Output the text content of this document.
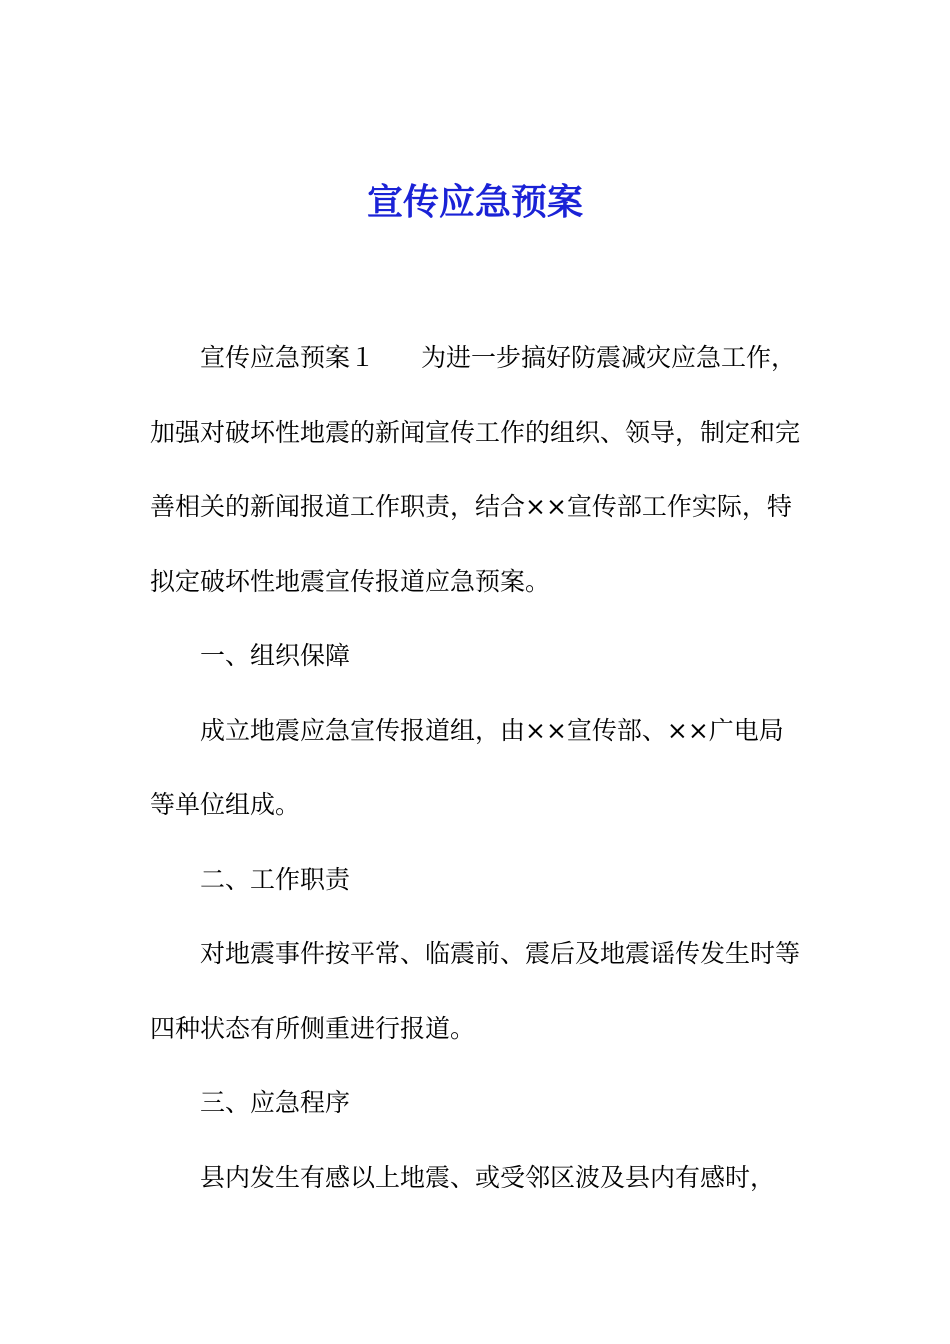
宣传应急预案

宣传应急预案１ 为进一步搞好防震减灾应急工作，加强对破坏性地震的新闻宣传工作的组织、领导，制定和完善相关的新闻报道工作职责，结合××宣传部工作实际，特拟定破坏性地震宣传报道应急预案。

一、组织保障

成立地震应急宣传报道组，由××宣传部、××广电局等单位组成。

二、工作职责

对地震事件按平常、临震前、震后及地震谣传发生时等四种状态有所侧重进行报道。

三、应急程序

县内发生有感以上地震、或受邻区波及县内有感时，
